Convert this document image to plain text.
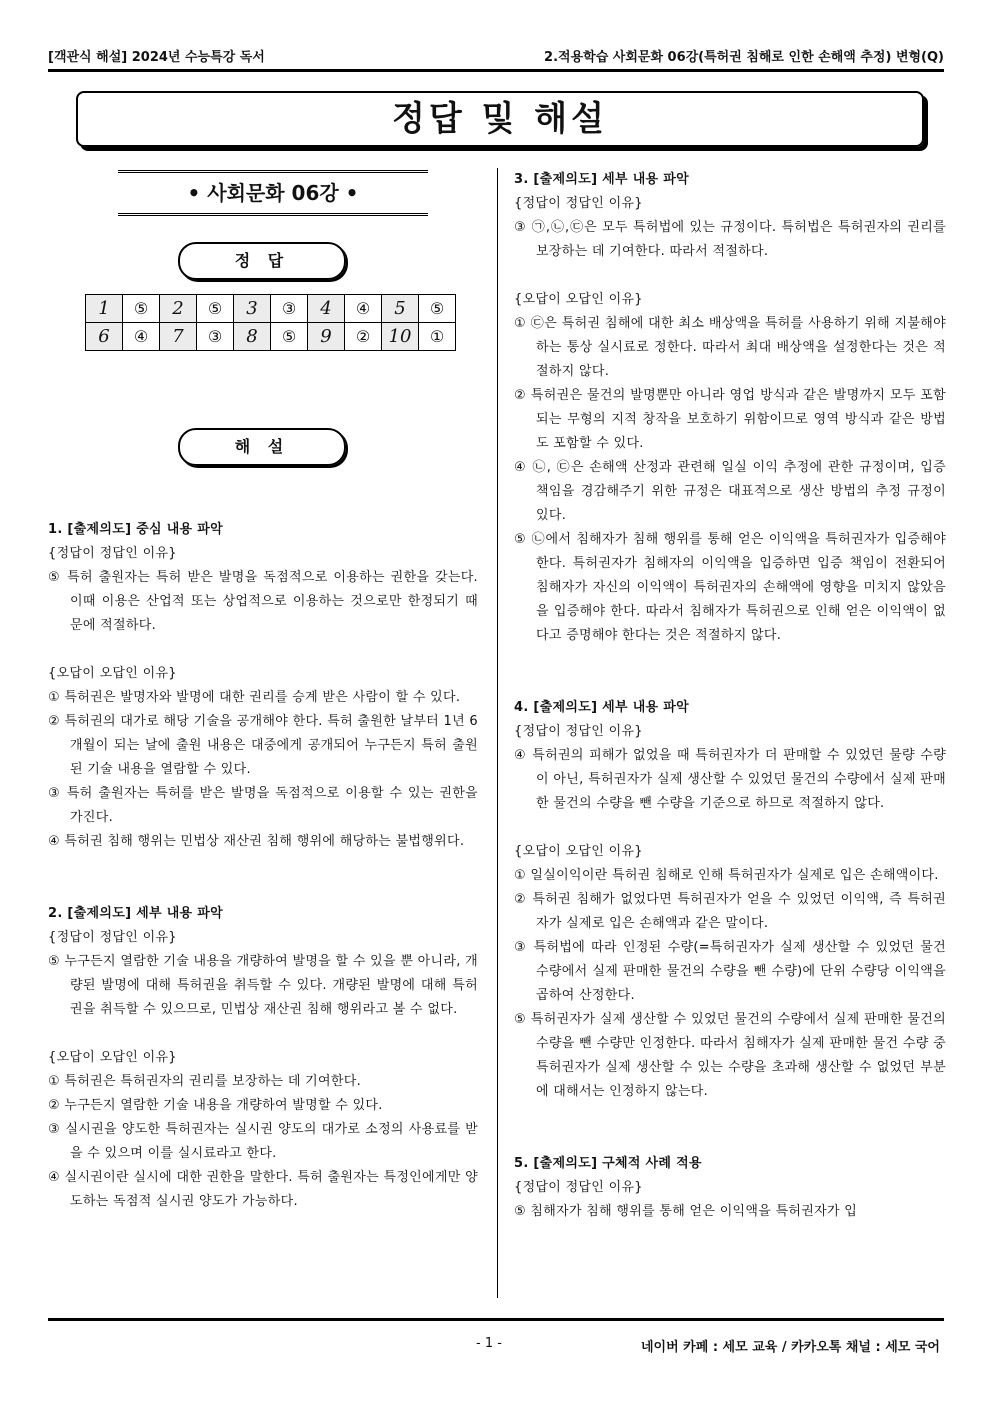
[객관식 해설] 2024년 수능특강 독서	2.적용학습 사회문화 06강(특허권 침해로 인한 손해액 추정) 변형(Q)
정답 및 해설
• 사회문화 06강 •
정 답
1	⑤	2	⑤	3	③	4	④	5	⑤
6	④	7	③	8	⑤	9	②	10	①
해 설
1. [출제의도] 중심 내용 파악
{정답이 정답인 이유}
⑤ 특허 출원자는 특허 받은 발명을 독점적으로 이용하는 권한을 갖는다. 이때 이용은 산업적 또는 상업적으로 이용하는 것으로만 한정되기 때문에 적절하다.
{오답이 오답인 이유}
① 특허권은 발명자와 발명에 대한 권리를 승계 받은 사람이 할 수 있다.
② 특허권의 대가로 해당 기술을 공개해야 한다. 특허 출원한 날부터 1년 6개월이 되는 날에 출원 내용은 대중에게 공개되어 누구든지 특허 출원된 기술 내용을 열람할 수 있다.
③ 특허 출원자는 특허를 받은 발명을 독점적으로 이용할 수 있는 권한을 가진다.
④ 특허권 침해 행위는 민법상 재산권 침해 행위에 해당하는 불법행위다.
2. [출제의도] 세부 내용 파악
{정답이 정답인 이유}
⑤ 누구든지 열람한 기술 내용을 개량하여 발명을 할 수 있을 뿐 아니라, 개량된 발명에 대해 특허권을 취득할 수 있다. 개량된 발명에 대해 특허권을 취득할 수 있으므로, 민법상 재산권 침해 행위라고 볼 수 없다.
{오답이 오답인 이유}
① 특허권은 특허권자의 권리를 보장하는 데 기여한다.
② 누구든지 열람한 기술 내용을 개량하여 발명할 수 있다.
③ 실시권을 양도한 특허권자는 실시권 양도의 대가로 소정의 사용료를 받을 수 있으며 이를 실시료라고 한다.
④ 실시권이란 실시에 대한 권한을 말한다. 특허 출원자는 특정인에게만 양도하는 독점적 실시권 양도가 가능하다.
3. [출제의도] 세부 내용 파악
{정답이 정답인 이유}
③ ㉠,㉡,㉢은 모두 특허법에 있는 규정이다. 특허법은 특허권자의 권리를 보장하는 데 기여한다. 따라서 적절하다.
{오답이 오답인 이유}
① ㉢은 특허권 침해에 대한 최소 배상액을 특허를 사용하기 위해 지불해야 하는 통상 실시료로 정한다. 따라서 최대 배상액을 설정한다는 것은 적절하지 않다.
② 특허권은 물건의 발명뿐만 아니라 영업 방식과 같은 발명까지 모두 포함되는 무형의 지적 창작을 보호하기 위함이므로 영역 방식과 같은 방법도 포함할 수 있다.
④ ㉡, ㉢은 손해액 산정과 관련해 일실 이익 추정에 관한 규정이며, 입증 책임을 경감해주기 위한 규정은 대표적으로 생산 방법의 추정 규정이 있다.
⑤ ㉡에서 침해자가 침해 행위를 통해 얻은 이익액을 특허권자가 입증해야 한다. 특허권자가 침해자의 이익액을 입증하면 입증 책임이 전환되어 침해자가 자신의 이익액이 특허권자의 손해액에 영향을 미치지 않았음을 입증해야 한다. 따라서 침해자가 특허권으로 인해 얻은 이익액이 없다고 증명해야 한다는 것은 적절하지 않다.
4. [출제의도] 세부 내용 파악
{정답이 정답인 이유}
④ 특허권의 피해가 없었을 때 특허권자가 더 판매할 수 있었던 물량 수량이 아닌, 특허권자가 실제 생산할 수 있었던 물건의 수량에서 실제 판매한 물건의 수량을 뺀 수량을 기준으로 하므로 적절하지 않다.
{오답이 오답인 이유}
① 일실이익이란 특허권 침해로 인해 특허권자가 실제로 입은 손해액이다.
② 특허권 침해가 없었다면 특허권자가 얻을 수 있었던 이익액, 즉 특허권자가 실제로 입은 손해액과 같은 말이다.
③ 특허법에 따라 인정된 수량(=특허권자가 실제 생산할 수 있었던 물건 수량에서 실제 판매한 물건의 수량을 뺀 수량)에 단위 수량당 이익액을 곱하여 산정한다.
⑤ 특허권자가 실제 생산할 수 있었던 물건의 수량에서 실제 판매한 물건의 수량을 뺀 수량만 인정한다. 따라서 침해자가 실제 판매한 물건 수량 중 특허권자가 실제 생산할 수 있는 수량을 초과해 생산할 수 없었던 부분에 대해서는 인정하지 않는다.
5. [출제의도] 구체적 사례 적용
{정답이 정답인 이유}
⑤ 침해자가 침해 행위를 통해 얻은 이익액을 특허권자가 입
- 1 -	네이버 카페 : 세모 교육 / 카카오톡 채널 : 세모 국어
